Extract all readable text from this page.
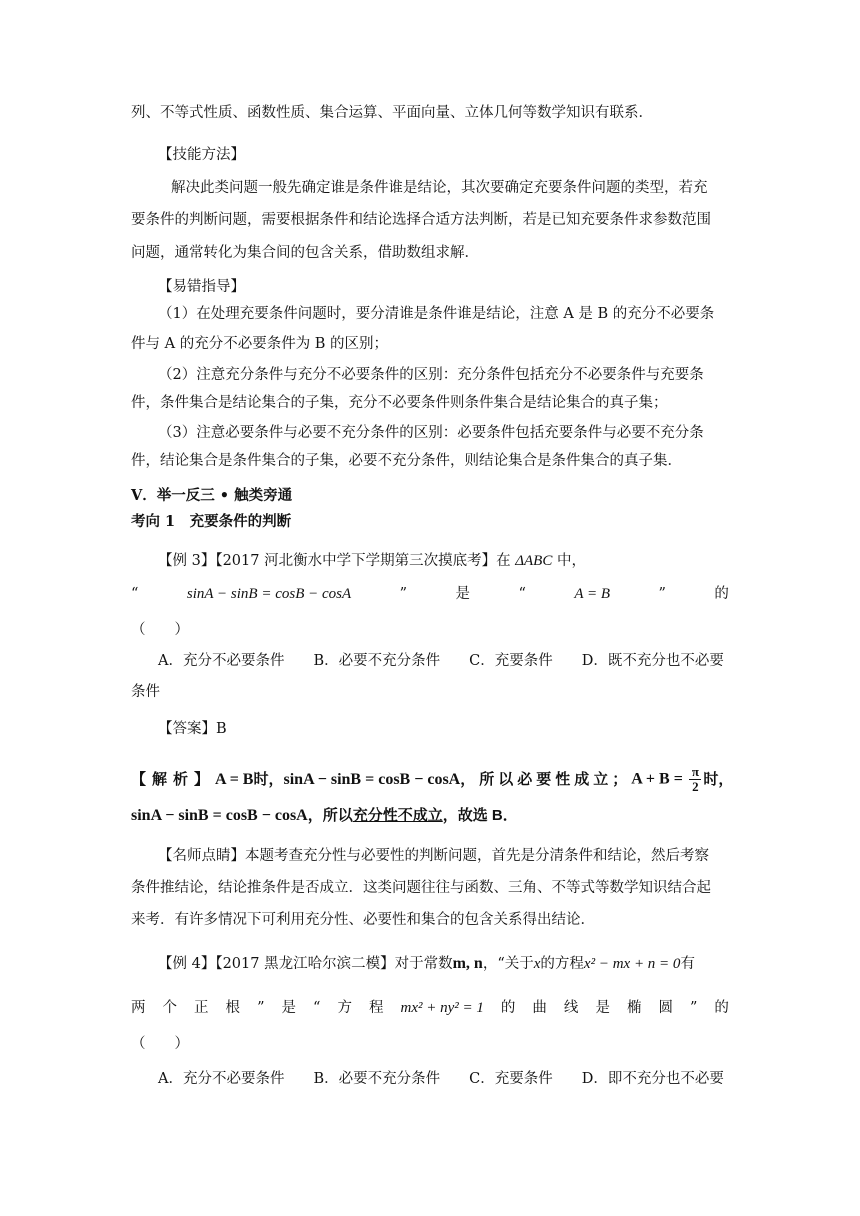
列、不等式性质、函数性质、集合运算、平面向量、立体几何等数学知识有联系．
【技能方法】
解决此类问题一般先确定谁是条件谁是结论，其次要确定充要条件问题的类型，若充
要条件的判断问题，需要根据条件和结论选择合适方法判断，若是已知充要条件求参数范围
问题，通常转化为集合间的包含关系，借助数组求解．
【易错指导】
（1）在处理充要条件问题时，要分清谁是条件谁是结论，注意 A 是 B 的充分不必要条
件与 A 的充分不必要条件为 B 的区别；
（2）注意充分条件与充分不必要条件的区别：充分条件包括充分不必要条件与充要条
件，条件集合是结论集合的子集，充分不必要条件则条件集合是结论集合的真子集；
（3）注意必要条件与必要不充分条件的区别：必要条件包括充要条件与必要不充分条
件，结论集合是条件集合的子集，必要不充分条件，则结论集合是条件集合的真子集．
V．举一反三 • 触类旁通
考向 1　充要条件的判断
【例 3】【2017 河北衡水中学下学期第三次摸底考】在 ΔABC 中，
“	sinA − sinB = cosB − cosA	”	是	“	A = B	”	的
（　　）
A．充分不必要条件　　B．必要不充分条件　　C．充要条件　　D．既不充分也不必要
条件
【答案】B
【解析】 A = B 时， sinA − sinB = cosB − cosA ，所以必要性成立； $A + B = \frac{\pi}{2}$ 时，
sinA − sinB = cosB − cosA，所以充分性不成立，故选 B．
【名师点睛】本题考查充分性与必要性的判断问题，首先是分清条件和结论，然后考察
条件推结论，结论推条件是否成立．这类问题往往与函数、三角、不等式等数学知识结合起
来考．有许多情况下可利用充分性、必要性和集合的包含关系得出结论．
【例 4】【2017 黑龙江哈尔滨二模】对于常数m, n，“关于x的方程x² − mx + n = 0有
两 个 正 根 ” 是 “ 方 程 mx² + ny² = 1 的 曲 线 是 椭 圆 ” 的
（　　）
A．充分不必要条件　　B．必要不充分条件　　C．充要条件　　D．即不充分也不必要
